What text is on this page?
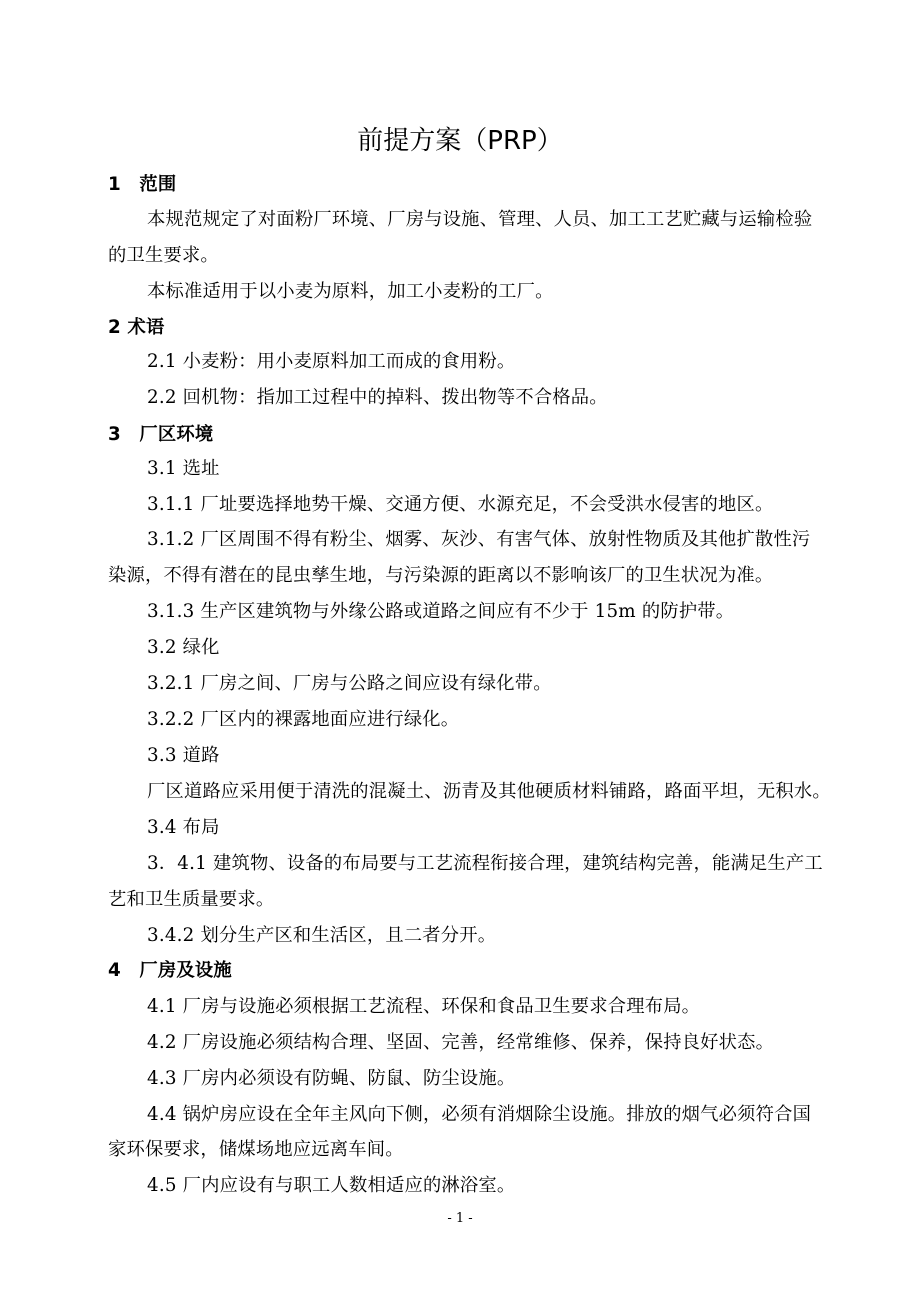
前提方案（PRP）
1　范围
本规范规定了对面粉厂环境、厂房与设施、管理、人员、加工工艺贮藏与运输检验
的卫生要求。
本标准适用于以小麦为原料，加工小麦粉的工厂。
2 术语
2.1 小麦粉：用小麦原料加工而成的食用粉。
2.2 回机物：指加工过程中的掉料、拨出物等不合格品。
3　厂区环境
3.1 选址
3.1.1 厂址要选择地势干燥、交通方便、水源充足，不会受洪水侵害的地区。
3.1.2 厂区周围不得有粉尘、烟雾、灰沙、有害气体、放射性物质及其他扩散性污
染源，不得有潜在的昆虫孳生地，与污染源的距离以不影响该厂的卫生状况为准。
3.1.3 生产区建筑物与外缘公路或道路之间应有不少于 15m 的防护带。
3.2 绿化
3.2.1 厂房之间、厂房与公路之间应设有绿化带。
3.2.2 厂区内的裸露地面应进行绿化。
3.3 道路
厂区道路应采用便于清洗的混凝土、沥青及其他硬质材料铺路，路面平坦，无积水。
3.4 布局
3．4.1 建筑物、设备的布局要与工艺流程衔接合理，建筑结构完善，能满足生产工
艺和卫生质量要求。
3.4.2 划分生产区和生活区，且二者分开。
4　厂房及设施
4.1 厂房与设施必须根据工艺流程、环保和食品卫生要求合理布局。
4.2 厂房设施必须结构合理、坚固、完善，经常维修、保养，保持良好状态。
4.3 厂房内必须设有防蝇、防鼠、防尘设施。
4.4 锅炉房应设在全年主风向下侧，必须有消烟除尘设施。排放的烟气必须符合国
家环保要求，储煤场地应远离车间。
4.5 厂内应设有与职工人数相适应的淋浴室。
- 1 -
